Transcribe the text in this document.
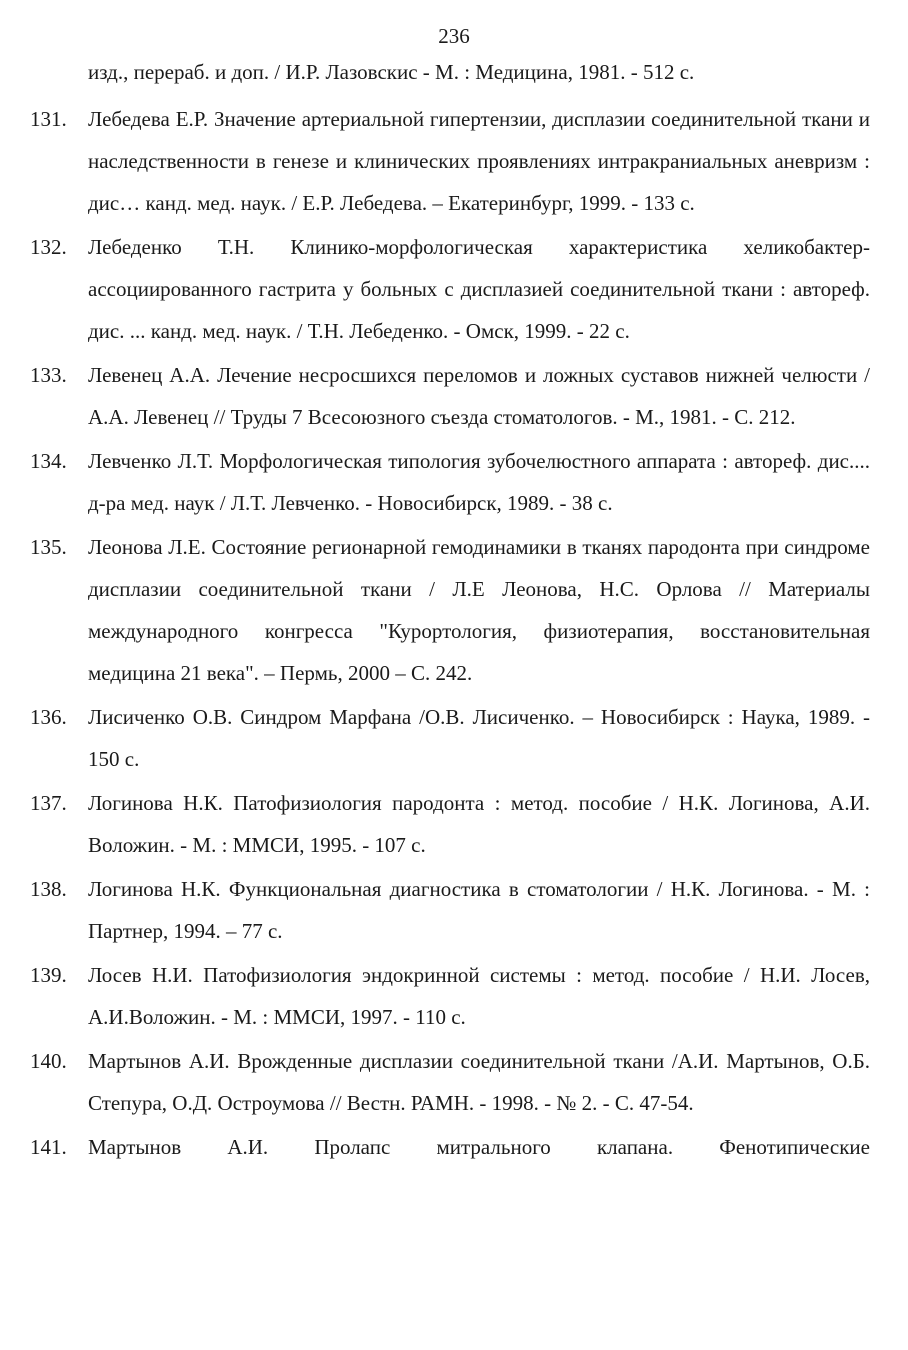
236
изд., перераб. и доп. / И.Р. Лазовскис - М. : Медицина, 1981. - 512 с.
131.	Лебедева Е.Р. Значение артериальной гипертензии, дисплазии соединительной ткани и наследственности в генезе и клинических проявлениях интракраниальных аневризм : дис… канд. мед. наук. / Е.Р. Лебедева. – Екатеринбург, 1999. - 133 с.
132.	Лебеденко Т.Н. Клинико-морфологическая характеристика хеликобактер-ассоциированного гастрита у больных с дисплазией соединительной ткани : автореф. дис. ... канд. мед. наук. / Т.Н. Лебеденко. - Омск, 1999. - 22 с.
133.	Левенец А.А. Лечение несросшихся переломов и ложных суставов нижней челюсти / А.А. Левенец // Труды 7 Всесоюзного съезда стоматологов. - М., 1981. - С. 212.
134.	Левченко Л.Т. Морфологическая типология зубочелюстного аппарата : автореф. дис.... д-ра мед. наук / Л.Т. Левченко. - Новосибирск, 1989. - 38 с.
135.	Леонова Л.Е. Состояние регионарной гемодинамики в тканях пародонта при синдроме дисплазии соединительной ткани / Л.Е Леонова, Н.С. Орлова // Материалы международного конгресса "Курортология, физиотерапия, восстановительная медицина 21 века". – Пермь, 2000 – С. 242.
136.	Лисиченко О.В. Синдром Марфана /О.В. Лисиченко. – Новосибирск : Наука, 1989. - 150 с.
137.	Логинова Н.К. Патофизиология пародонта : метод. пособие / Н.К. Логинова, А.И. Воложин. - М. : ММСИ, 1995. - 107 с.
138.	Логинова Н.К. Функциональная диагностика в стоматологии / Н.К. Логинова. - М. : Партнер, 1994. – 77 с.
139.	Лосев Н.И. Патофизиология эндокринной системы : метод. пособие / Н.И. Лосев, А.И.Воложин. - М. : ММСИ, 1997. - 110 с.
140.	Мартынов А.И. Врожденные дисплазии соединительной ткани /А.И. Мартынов, О.Б. Степура, О.Д. Остроумова // Вестн. РАМН. - 1998. - № 2. - С. 47-54.
141.	Мартынов А.И. Пролапс митрального клапана. Фенотипические
